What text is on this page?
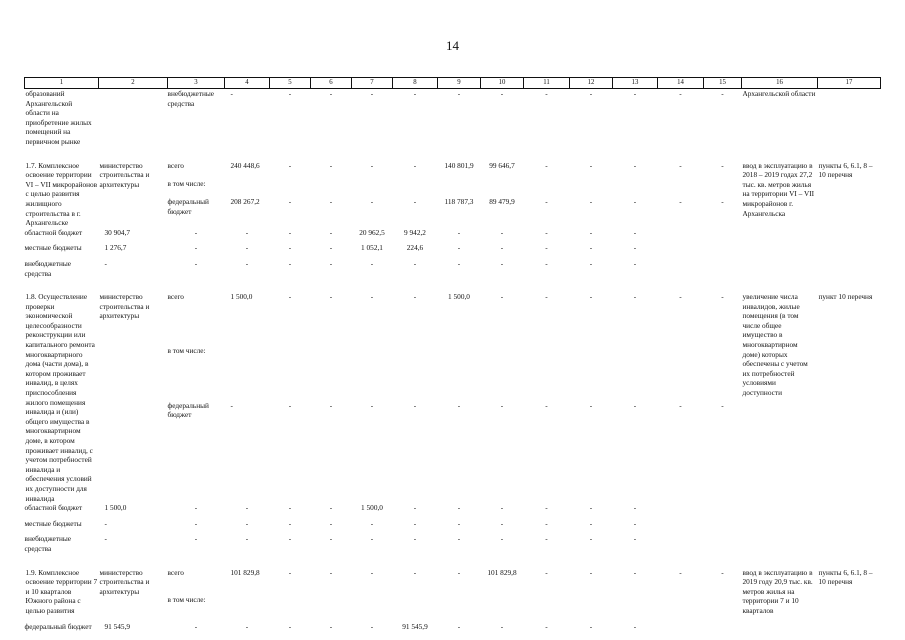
14
1	2	3	4	5	6	7	8	9	10	11	12	13	14	15	16	17
образований Архангельской области на приобретение жилых помещений на первичном рынке		внебюджетные средства	-	-	-	-	-	-	-	-	-	-	-	-	Архангельской области	

1.7. Комплексное освоение территории VI – VII микрорайонов с целью развития жилищного строительства в г. Архангельске	министерство строительства и архитектуры	всего	240 448,6	-	-	-	-	140 801,9	99 646,7	-	-	-	-	-	ввод в эксплуатацию в 2018 – 2019 годах 27,2 тыс. кв. метров жилья на территории VI – VII микрорайонов г. Архангельска	пункты 6, 6.1, 8 – 10 перечня

		в том числе:														

		федеральный бюджет	208 267,2	-	-	-	-	118 787,3	89 479,9	-	-	-	-	-		

областной бюджет	30 904,7	-	-	-	-	20 962,5	9 942,2	-	-	-	-	-				

местные бюджеты	1 276,7	-	-	-	-	1 052,1	224,6	-	-	-	-	-				

внебюджетные средства	-	-	-	-	-	-	-	-	-	-	-	-				

1.8. Осуществление проверки экономической целесообразности реконструкции или капитального ремонта многоквартирного дома (части дома), в котором проживает инвалид, в целях приспособления жилого помещения инвалида и (или) общего имущества в многоквартирном доме, в котором проживает инвалид, с учетом потребностей инвалида и обеспечения условий их доступности для инвалида	министерство строительства и архитектуры	всего	1 500,0	-	-	-	-	1 500,0	-	-	-	-	-	-	увеличение числа инвалидов, жилые помещения (в том числе общее имущество в многоквартирном доме) которых обеспечены с учетом их потребностей условиями доступности	пункт 10 перечня

		в том числе:														

		федеральный бюджет	-	-	-	-	-	-	-	-	-	-	-	-		

областной бюджет	1 500,0	-	-	-	-	1 500,0	-	-	-	-	-	-				

местные бюджеты	-	-	-	-	-	-	-	-	-	-	-	-				

внебюджетные средства	-	-	-	-	-	-	-	-	-	-	-	-				

1.9. Комплексное освоение территории 7 и 10 кварталов Южного района с целью развития	министерство строительства и архитектуры	всего	101 829,8	-	-	-	-	-	101 829,8	-	-	-	-	-	ввод в эксплуатацию в 2019 году 20,9 тыс. кв. метров жилья на территории 7 и 10 кварталов	пункты 6, 6.1, 8 – 10 перечня

		в том числе:														

федеральный бюджет	91 545,9	-	-	-	-	-	91 545,9	-	-	-	-	-				
